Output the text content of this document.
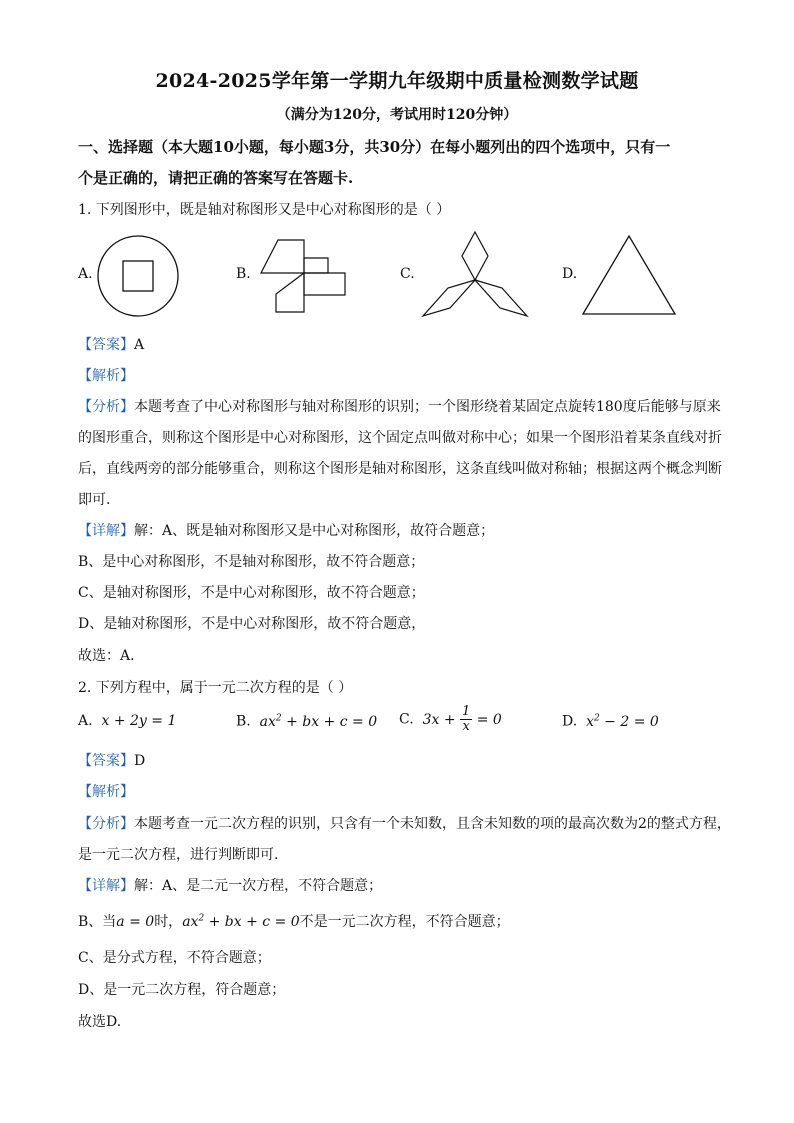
2024-2025学年第一学期九年级期中质量检测数学试题
（满分为120分，考试用时120分钟）
一、选择题（本大题10小题，每小题3分，共30分）在每小题列出的四个选项中，只有一
个是正确的，请把正确的答案写在答题卡.
1. 下列图形中，既是轴对称图形又是中心对称图形的是（ ）
A.	B.	C.	D.
【答案】A
【解析】
【分析】本题考查了中心对称图形与轴对称图形的识别；一个图形绕着某固定点旋转180度后能够与原来
的图形重合，则称这个图形是中心对称图形，这个固定点叫做对称中心；如果一个图形沿着某条直线对折
后，直线两旁的部分能够重合，则称这个图形是轴对称图形，这条直线叫做对称轴；根据这两个概念判断
即可.
【详解】解：A、既是轴对称图形又是中心对称图形，故符合题意；
B、是中心对称图形，不是轴对称图形，故不符合题意；
C、是轴对称图形，不是中心对称图形，故不符合题意；
D、是轴对称图形，不是中心对称图形，故不符合题意，
故选：A.
2. 下列方程中，属于一元二次方程的是（ ）
A. x + 2y = 1	B. $ax^2$ + bx + c = 0 C. $3x + \frac{1}{x} = 0$	D. $x^2 - 2 = 0$
【答案】D
【解析】
【分析】本题考查一元二次方程的识别，只含有一个未知数，且含未知数的项的最高次数为2的整式方程，
是一元二次方程，进行判断即可.
【详解】解：A、是二元一次方程，不符合题意；
B、当a = 0时，$ax^2$ + bx + c = 0不是一元二次方程，不符合题意；
C、是分式方程，不符合题意；
D、是一元二次方程，符合题意；
故选D.
